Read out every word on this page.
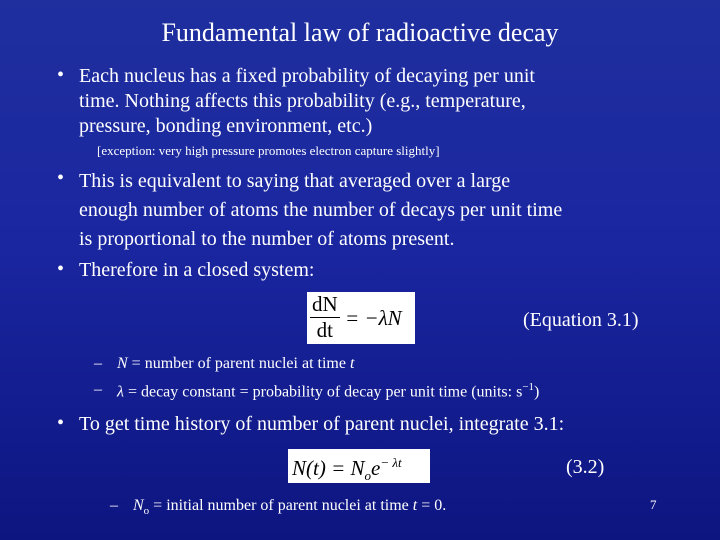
Fundamental law of radioactive decay
• Each nucleus has a fixed probability of decaying per unit
time. Nothing affects this probability (e.g., temperature,
pressure, bonding environment, etc.)
[exception: very high pressure promotes electron capture slightly]
• This is equivalent to saying that averaged over a large
enough number of atoms the number of decays per unit time
is proportional to the number of atoms present.
• Therefore in a closed system:
$\frac{dN}{dt} = -\lambda N$	(Equation 3.1)
– N = number of parent nuclei at time t
– λ = decay constant = probability of decay per unit time (units: $s^{-1}$)
• To get time history of number of parent nuclei, integrate 3.1:
$N(t) = N_oe^{- \lambda t}$	(3.2)
– $N_o$ = initial number of parent nuclei at time t = 0.	7
